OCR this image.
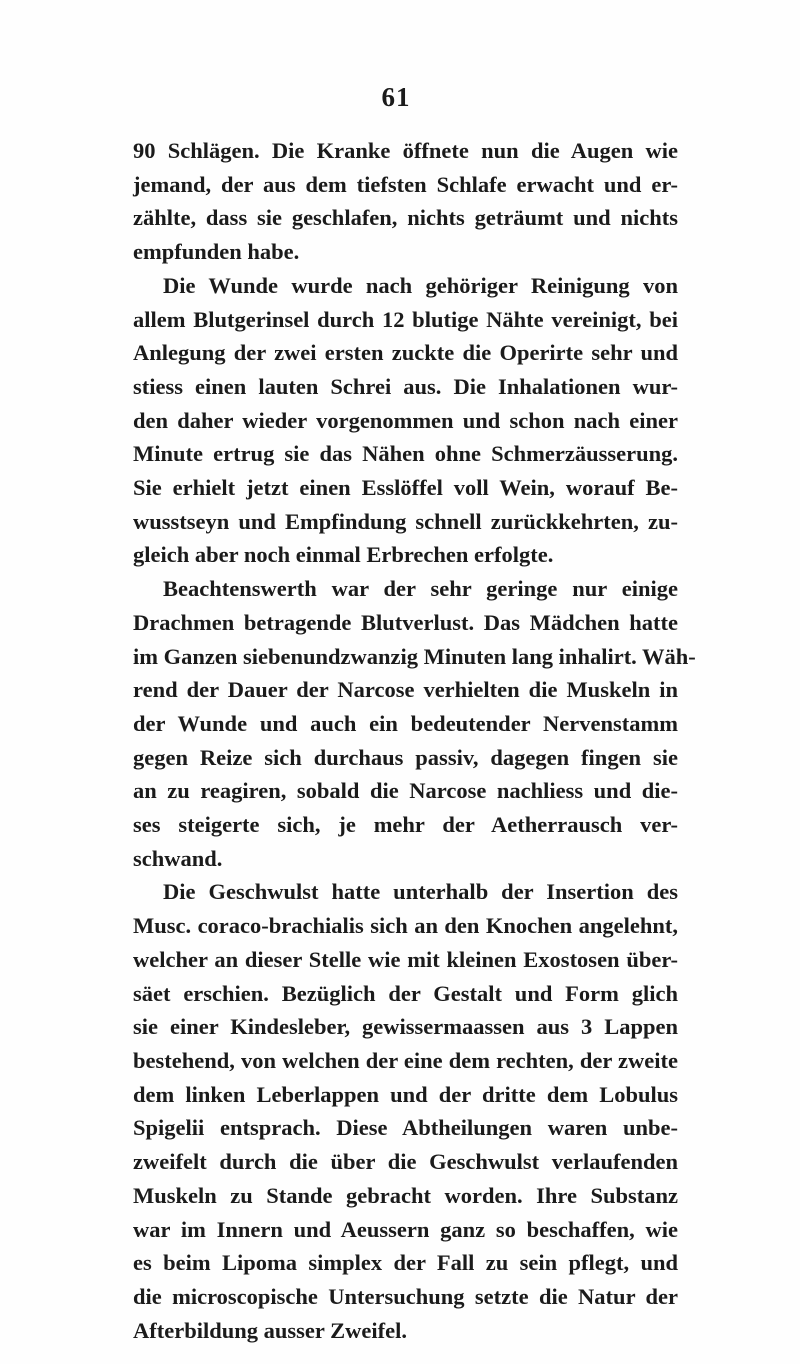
61

90 Schlägen. Die Kranke öffnete nun die Augen wie
jemand, der aus dem tiefsten Schlafe erwacht und er-
zählte, dass sie geschlafen, nichts geträumt und nichts
empfunden habe.

Die Wunde wurde nach gehöriger Reinigung von
allem Blutgerinsel durch 12 blutige Nähte vereinigt, bei
Anlegung der zwei ersten zuckte die Operirte sehr und
stiess einen lauten Schrei aus. Die Inhalationen wur-
den daher wieder vorgenommen und schon nach einer
Minute ertrug sie das Nähen ohne Schmerzäusserung.
Sie erhielt jetzt einen Esslöffel voll Wein, worauf Be-
wusstseyn und Empfindung schnell zurückkehrten, zu-
gleich aber noch einmal Erbrechen erfolgte.

Beachtenswerth war der sehr geringe nur einige
Drachmen betragende Blutverlust. Das Mädchen hatte
im Ganzen siebenundzwanzig Minuten lang inhalirt. Wäh-
rend der Dauer der Narcose verhielten die Muskeln in
der Wunde und auch ein bedeutender Nervenstamm
gegen Reize sich durchaus passiv, dagegen fingen sie
an zu reagiren, sobald die Narcose nachliess und die-
ses steigerte sich, je mehr der Aetherrausch ver-
schwand.

Die Geschwulst hatte unterhalb der Insertion des
Musc. coraco-brachialis sich an den Knochen angelehnt,
welcher an dieser Stelle wie mit kleinen Exostosen über-
säet erschien. Bezüglich der Gestalt und Form glich
sie einer Kindesleber, gewissermaassen aus 3 Lappen
bestehend, von welchen der eine dem rechten, der zweite
dem linken Leberlappen und der dritte dem Lobulus
Spigelii entsprach. Diese Abtheilungen waren unbe-
zweifelt durch die über die Geschwulst verlaufenden
Muskeln zu Stande gebracht worden. Ihre Substanz
war im Innern und Aeussern ganz so beschaffen, wie
es beim Lipoma simplex der Fall zu sein pflegt, und
die microscopische Untersuchung setzte die Natur der
Afterbildung ausser Zweifel.
